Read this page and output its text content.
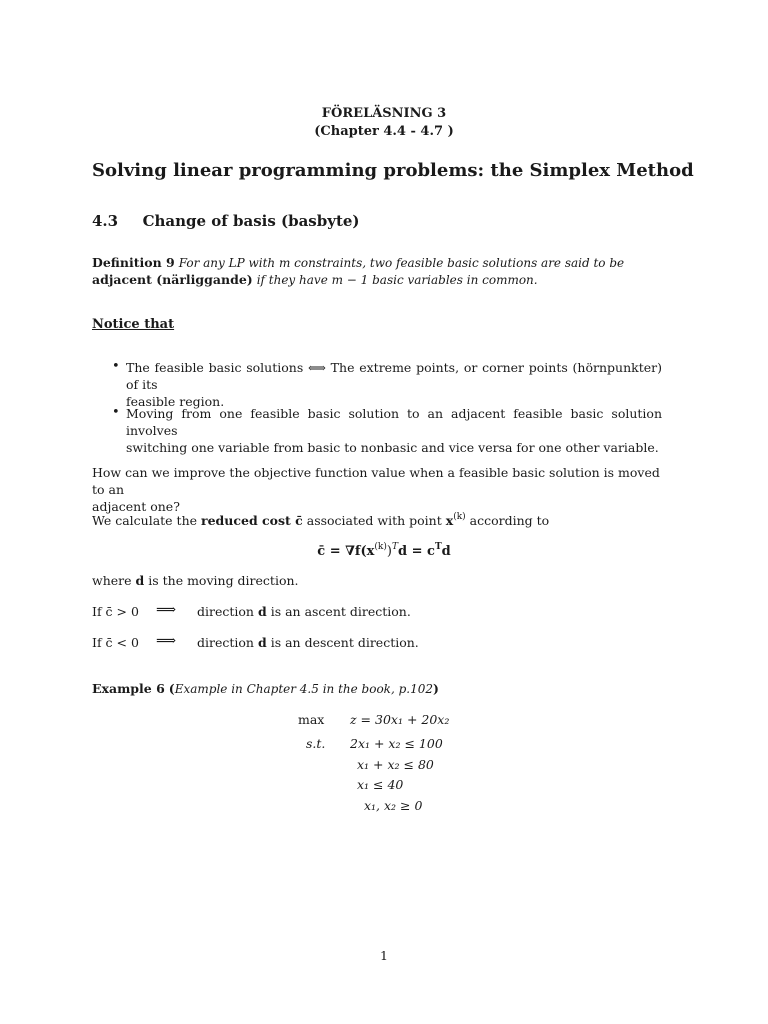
FÖRELÄSNING 3
(Chapter 4.4 - 4.7 )
Solving linear programming problems: the Simplex Method
4.3 Change of basis (basbyte)
Definition 9 For any LP with m constraints, two feasible basic solutions are said to be
adjacent (närliggande) if they have m − 1 basic variables in common.
Notice that
• The feasible basic solutions ⟺ The extreme points, or corner points (hörnpunkter) of its
feasible region.
• Moving from one feasible basic solution to an adjacent feasible basic solution involves
switching one variable from basic to nonbasic and vice versa for one other variable.
How can we improve the objective function value when a feasible basic solution is moved to an
adjacent one?
We calculate the reduced cost c̄ associated with point $x^{(k)}$ according to
c̄ = $\nabla f(x^{(k)})^Td = c^Td$
where d is the moving direction.
If c̄ > 0 ⟹ direction d is an ascent direction.
If c̄ < 0 ⟹ direction d is an descent direction.
Example 6 (Example in Chapter 4.5 in the book, p.102)
max z = 30x₁ + 20x₂
s.t. 2x₁ + x₂ ≤ 100
x₁ + x₂ ≤ 80
x₁ ≤ 40
x₁, x₂ ≥ 0
1
